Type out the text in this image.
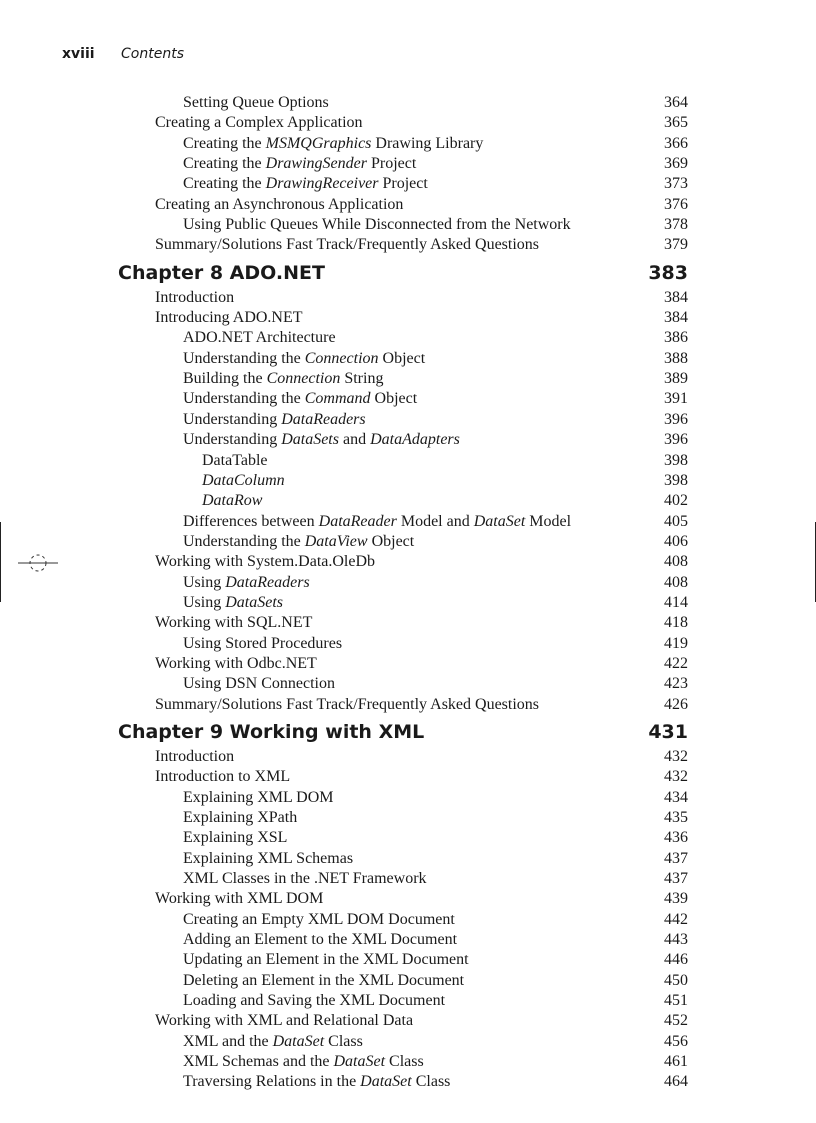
xviii Contents
Setting Queue Options	364
Creating a Complex Application	365
Creating the MSMQGraphics Drawing Library	366
Creating the DrawingSender Project	369
Creating the DrawingReceiver Project	373
Creating an Asynchronous Application	376
Using Public Queues While Disconnected from the Network	378
Summary/Solutions Fast Track/Frequently Asked Questions	379
Chapter 8 ADO.NET	383
Introduction	384
Introducing ADO.NET	384
ADO.NET Architecture	386
Understanding the Connection Object	388
Building the Connection String	389
Understanding the Command Object	391
Understanding DataReaders	396
Understanding DataSets and DataAdapters	396
DataTable	398
DataColumn	398
DataRow	402
Differences between DataReader Model and DataSet Model	405
Understanding the DataView Object	406
Working with System.Data.OleDb	408
Using DataReaders	408
Using DataSets	414
Working with SQL.NET	418
Using Stored Procedures	419
Working with Odbc.NET	422
Using DSN Connection	423
Summary/Solutions Fast Track/Frequently Asked Questions	426
Chapter 9 Working with XML	431
Introduction	432
Introduction to XML	432
Explaining XML DOM	434
Explaining XPath	435
Explaining XSL	436
Explaining XML Schemas	437
XML Classes in the .NET Framework	437
Working with XML DOM	439
Creating an Empty XML DOM Document	442
Adding an Element to the XML Document	443
Updating an Element in the XML Document	446
Deleting an Element in the XML Document	450
Loading and Saving the XML Document	451
Working with XML and Relational Data	452
XML and the DataSet Class	456
XML Schemas and the DataSet Class	461
Traversing Relations in the DataSet Class	464
